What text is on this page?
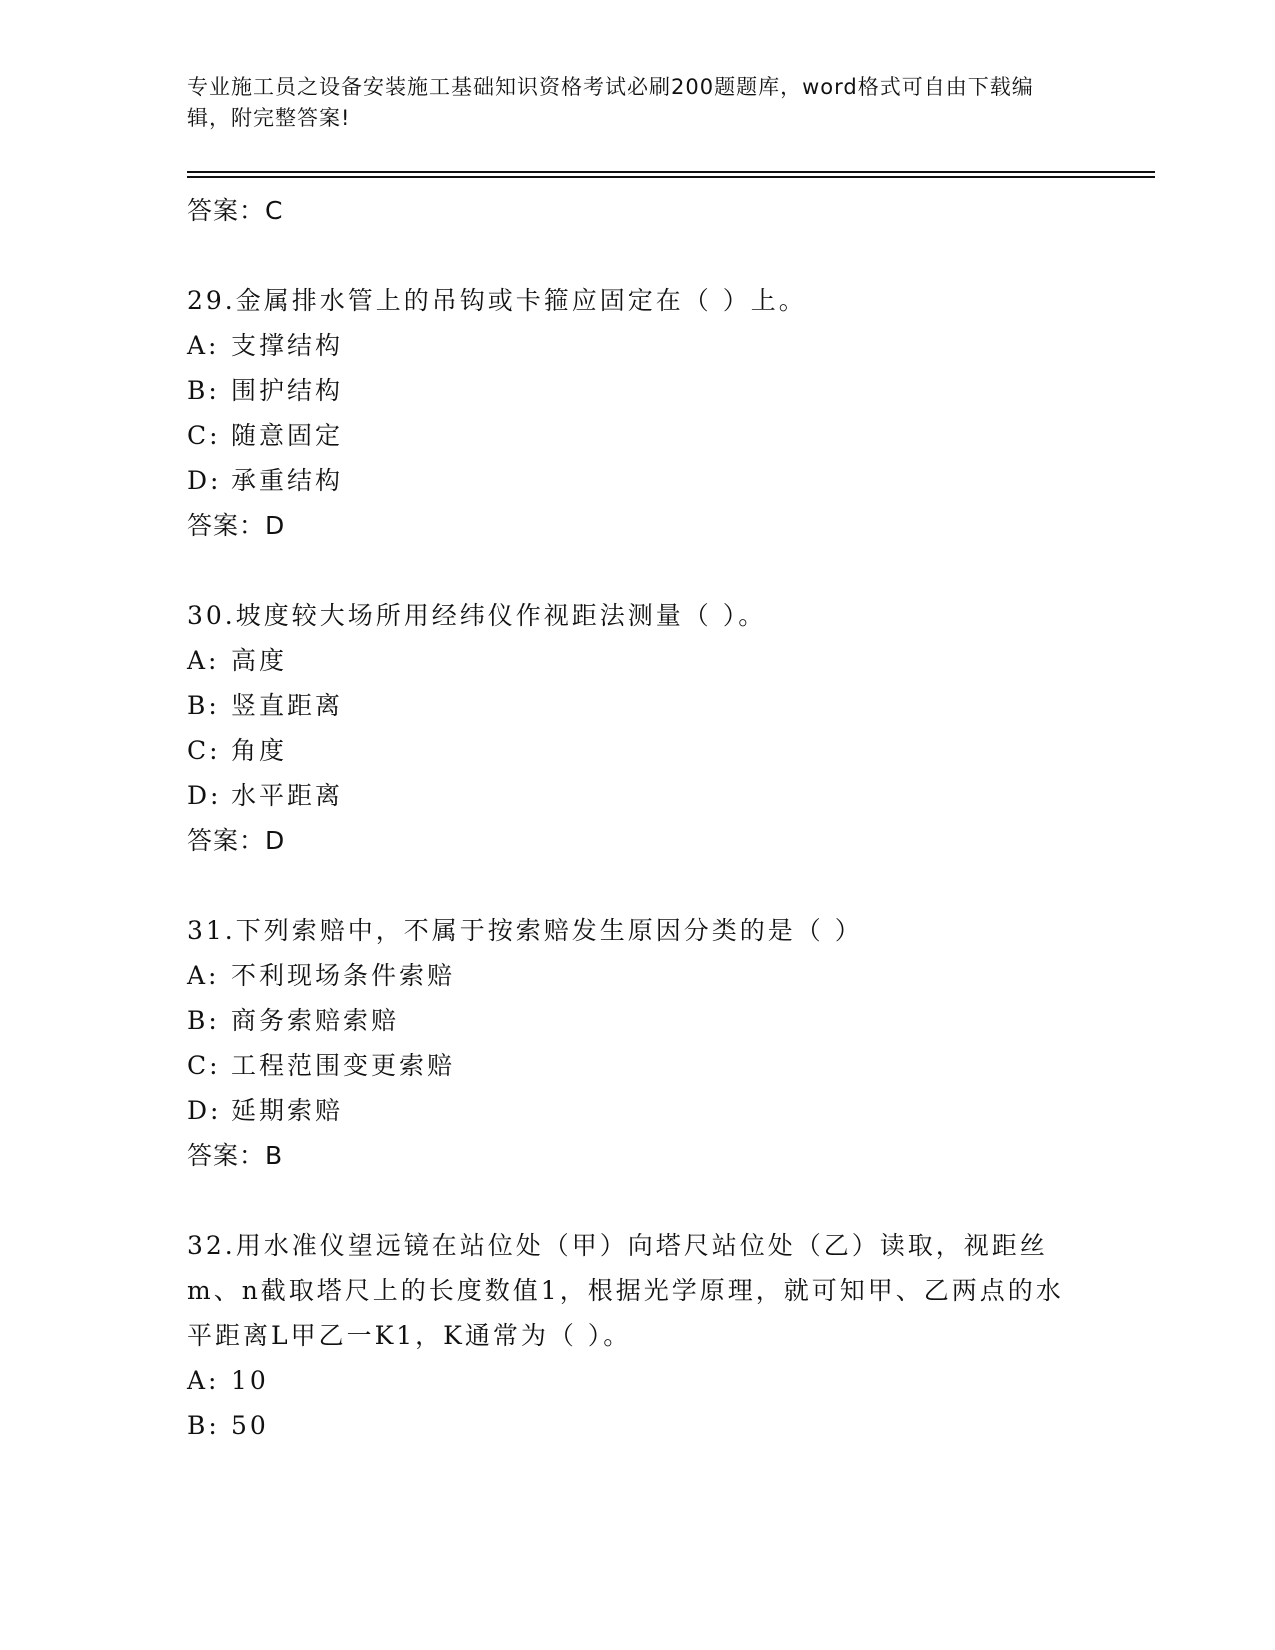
专业施工员之设备安装施工基础知识资格考试必刷200题题库，word格式可自由下载编辑，附完整答案!
答案：C
29.金属排水管上的吊钩或卡箍应固定在（ ）上。
A: 支撑结构
B: 围护结构
C: 随意固定
D: 承重结构
答案：D
30.坡度较大场所用经纬仪作视距法测量（ ）。
A: 高度
B: 竖直距离
C: 角度
D: 水平距离
答案：D
31.下列索赔中，不属于按索赔发生原因分类的是（ ）
A: 不利现场条件索赔
B: 商务索赔索赔
C: 工程范围变更索赔
D: 延期索赔
答案：B
32.用水准仪望远镜在站位处（甲）向塔尺站位处（乙）读取，视距丝m、n截取塔尺上的长度数值1，根据光学原理，就可知甲、乙两点的水平距离L甲乙一K1，K通常为（ ）。
A: 10
B: 50
